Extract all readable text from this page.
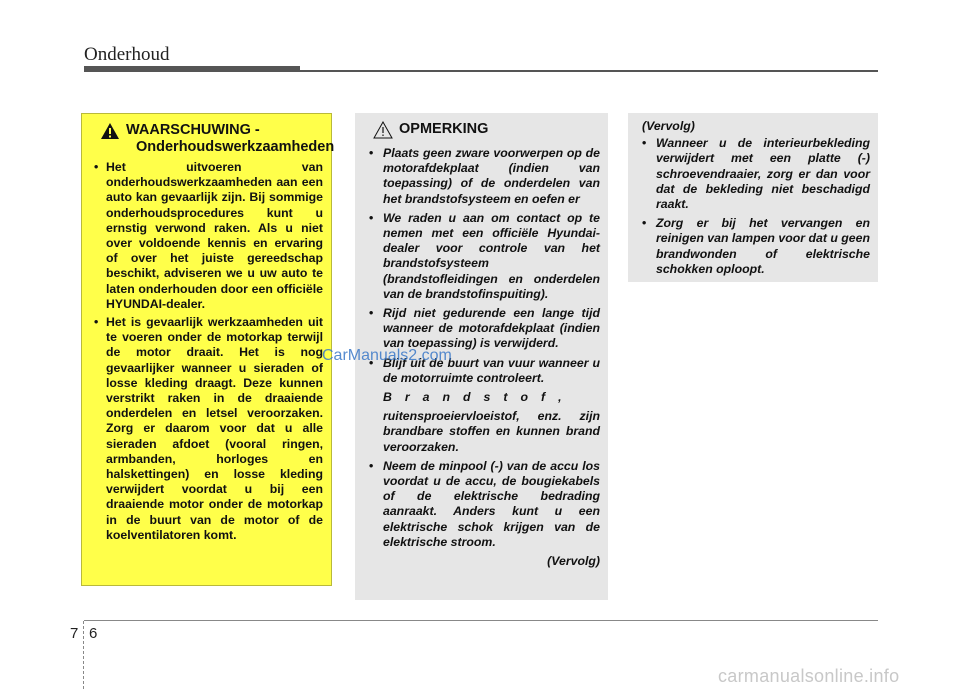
Onderhoud
WAARSCHUWING -
Onderhoudswerkzaamheden
• Het uitvoeren van onderhoudswerkzaamheden aan een auto kan gevaarlijk zijn. Bij sommige onderhoudsprocedures kunt u ernstig verwond raken. Als u niet over voldoende kennis en ervaring of over het juiste gereedschap beschikt, adviseren we u uw auto te laten onderhouden door een officiële HYUNDAI-dealer.
• Het is gevaarlijk werkzaamheden uit te voeren onder de motorkap terwijl de motor draait. Het is nog gevaarlijker wanneer u sieraden of losse kleding draagt. Deze kunnen verstrikt raken in de draaiende onderdelen en letsel veroorzaken. Zorg er daarom voor dat u alle sieraden afdoet (vooral ringen, armbanden, horloges en halskettingen) en losse kleding verwijdert voordat u bij een draaiende motor onder de motorkap in de buurt van de motor of de koelventilatoren komt.
OPMERKING
• Plaats geen zware voorwerpen op de motorafdekplaat (indien van toepassing) of de onderdelen van het brandstofsysteem en oefen er
• We raden u aan om contact op te nemen met een officiële Hyundai-dealer voor controle van het brandstofsysteem (brandstofleidingen en onderdelen van de brandstofinspuiting).
• Rijd niet gedurende een lange tijd wanneer de motorafdekplaat (indien van toepassing) is verwijderd.
• Blijf uit de buurt van vuur wanneer u de motorruimte controleert.
Brandstof,
ruitensproeiervloeistof, enz. zijn brandbare stoffen en kunnen brand veroorzaken.
• Neem de minpool (-) van de accu los voordat u de accu, de bougiekabels of de elektrische bedrading aanraakt. Anders kunt u een elektrische schok krijgen van de elektrische stroom.
(Vervolg)
(Vervolg)
• Wanneer u de interieurbekleding verwijdert met een platte (-) schroevendraaier, zorg er dan voor dat de bekleding niet beschadigd raakt.
• Zorg er bij het vervangen en reinigen van lampen voor dat u geen brandwonden of elektrische schokken oploopt.
CarManuals2.com
7 6
carmanualsonline.info
